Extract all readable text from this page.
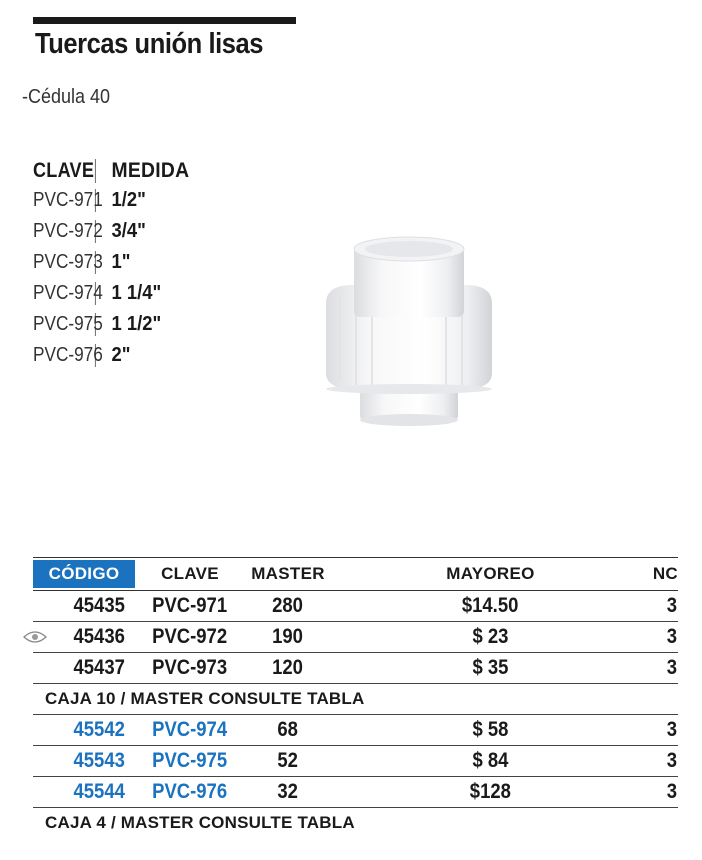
Tuercas unión lisas
-Cédula 40
CLAVE MEDIDA
PVC-971 1/2"
PVC-972 3/4"
PVC-973 1"
PVC-974 1 1/4"
PVC-975 1 1/2"
PVC-976 2"
CÓDIGO	CLAVE	MASTER	MAYOREO	NC
45435 PVC-971 280	$14.50	3
45436 PVC-972 190	$ 23	3
45437 PVC-973 120	$ 35	3
CAJA 10 / MASTER CONSULTE TABLA
45542 PVC-974 68	$ 58	3
45543 PVC-975 52	$ 84	3
45544 PVC-976 32	$128	3
CAJA 4 / MASTER CONSULTE TABLA
